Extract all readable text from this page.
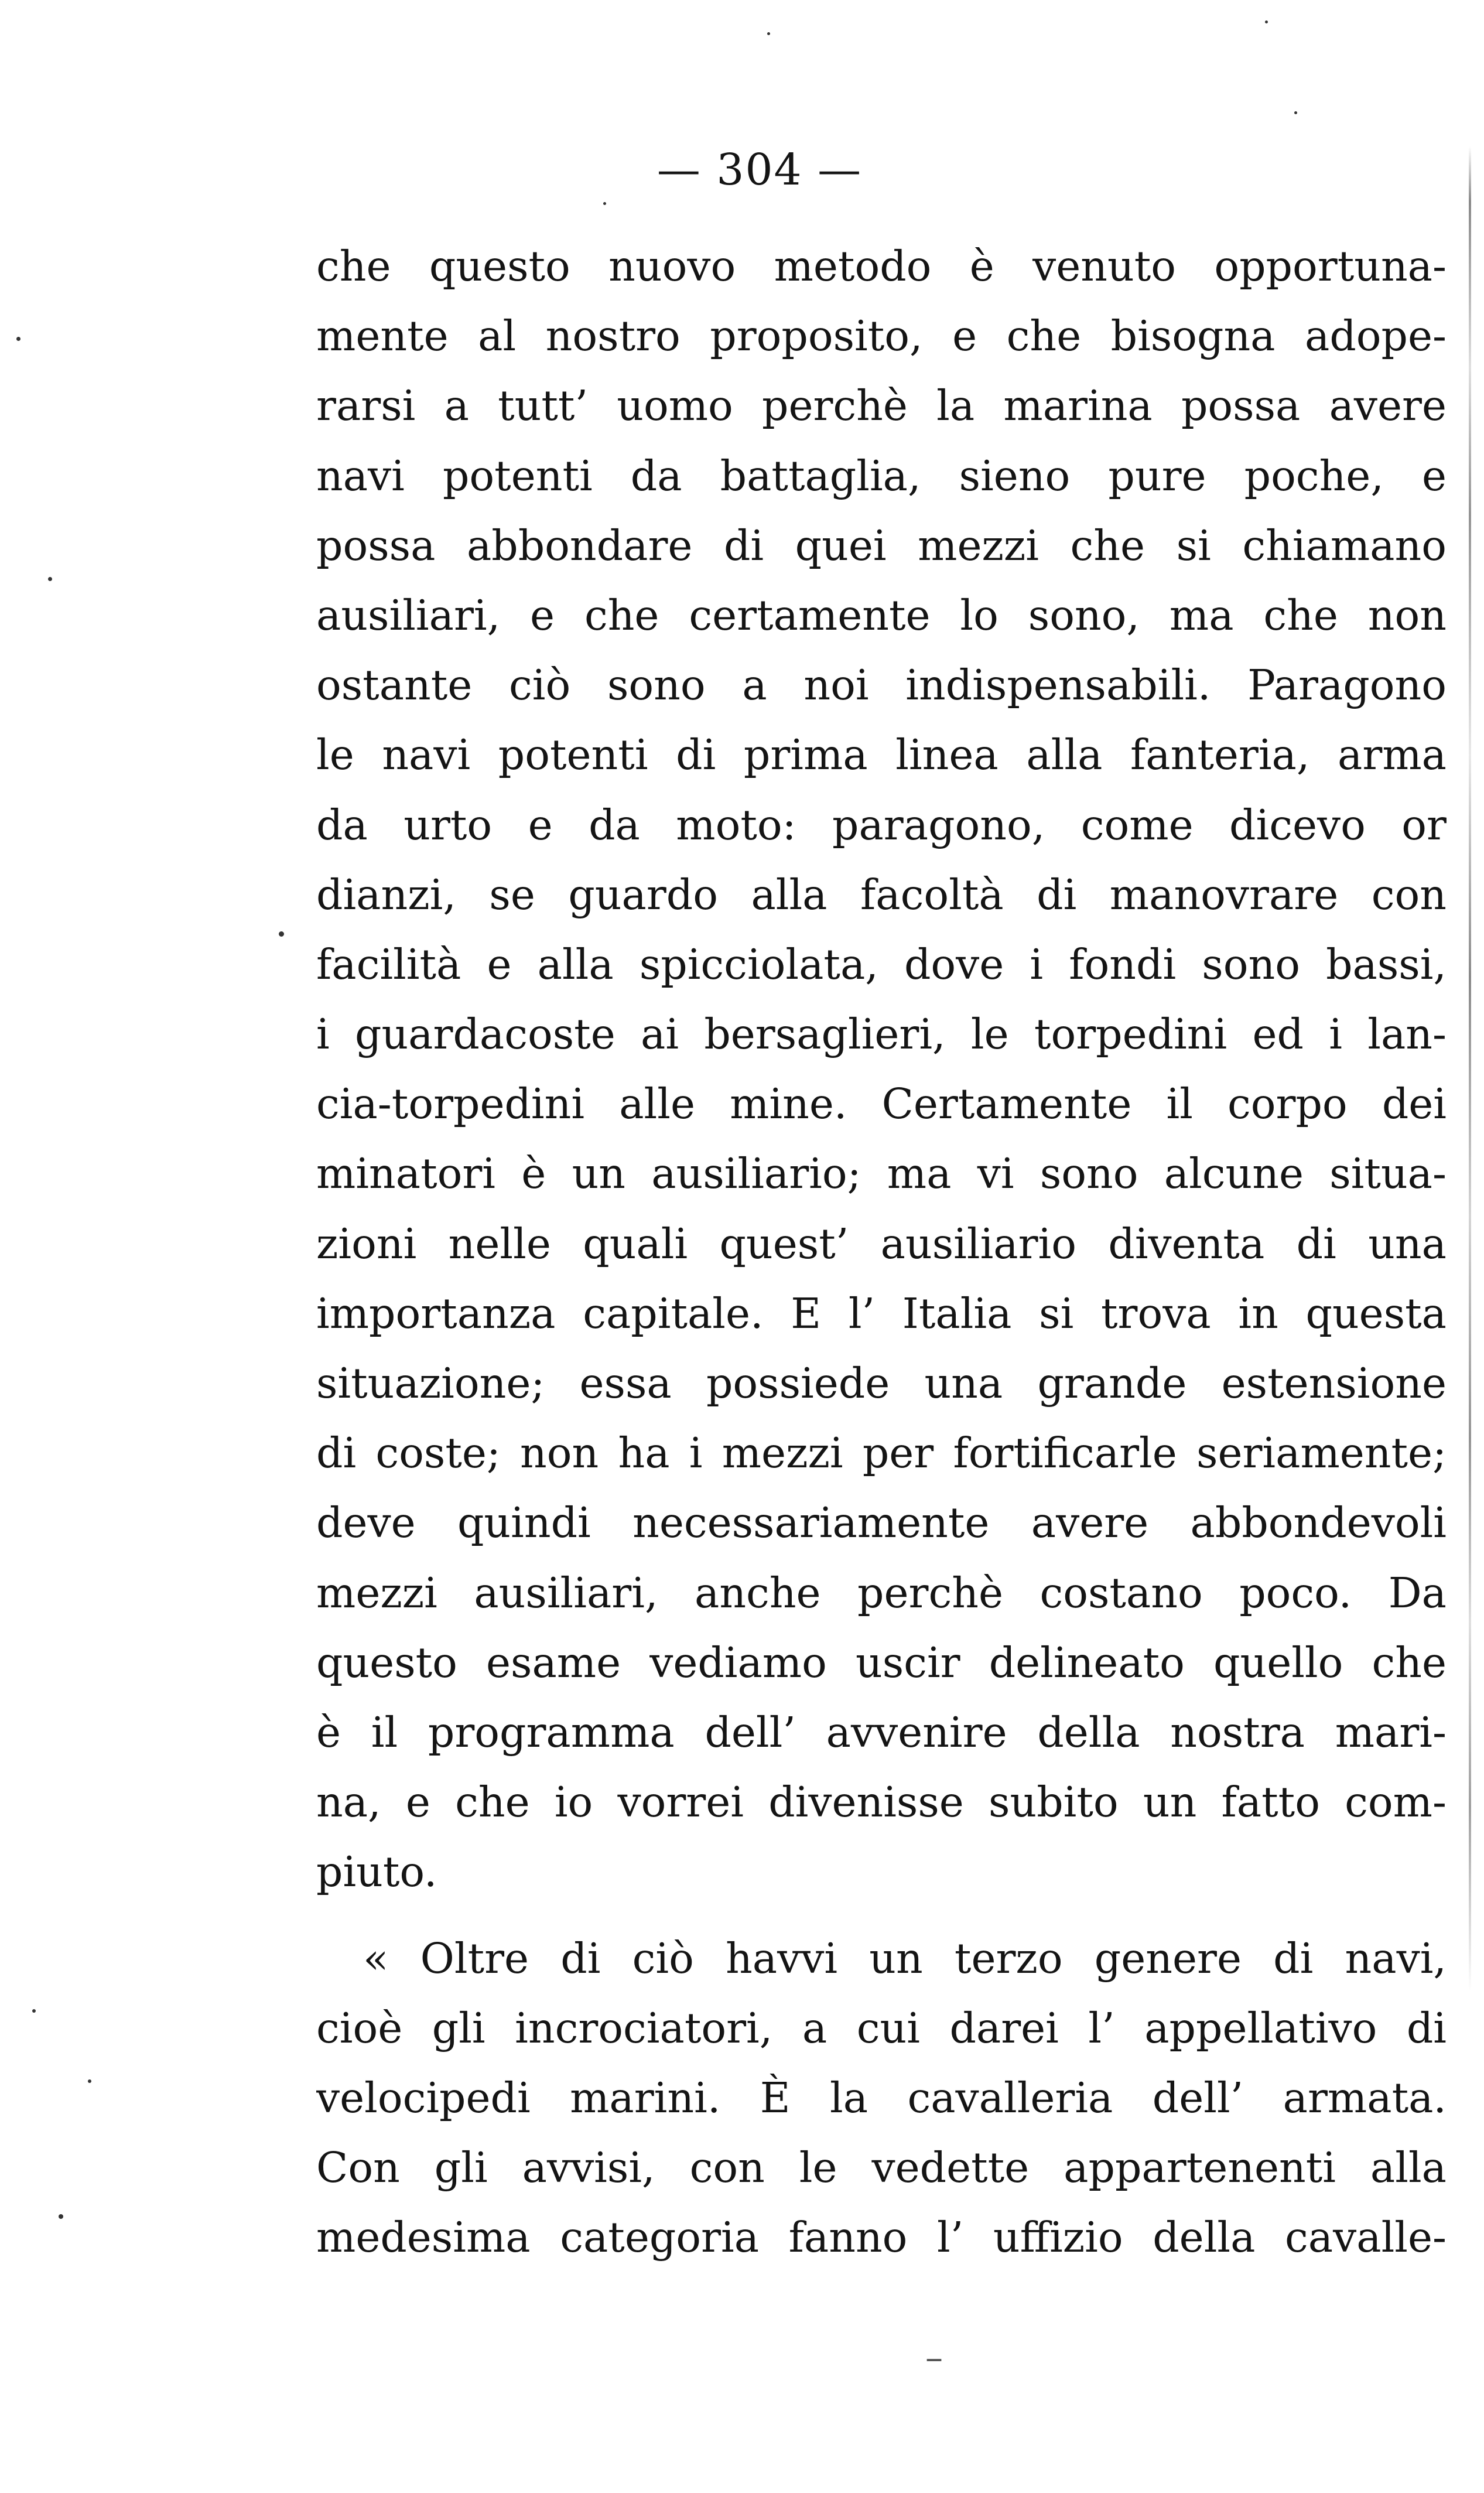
— 304 —
che questo nuovo metodo è venuto opportuna-
mente al nostro proposito, e che bisogna adope-
rarsi a tutt’ uomo perchè la marina possa avere
navi potenti da battaglia, sieno pure poche, e
possa abbondare di quei mezzi che si chiamano
ausiliari, e che certamente lo sono, ma che non
ostante ciò sono a noi indispensabili. Paragono
le navi potenti di prima linea alla fanteria, arma
da urto e da moto: paragono, come dicevo or
dianzi, se guardo alla facoltà di manovrare con
facilità e alla spicciolata, dove i fondi sono bassi,
i guardacoste ai bersaglieri, le torpedini ed i lan-
cia-torpedini alle mine. Certamente il corpo dei
minatori è un ausiliario; ma vi sono alcune situa-
zioni nelle quali quest’ ausiliario diventa di una
importanza capitale. E l’ Italia si trova in questa
situazione; essa possiede una grande estensione
di coste; non ha i mezzi per fortificarle seriamente;
deve quindi necessariamente avere abbondevoli
mezzi ausiliari, anche perchè costano poco. Da
questo esame vediamo uscir delineato quello che
è il programma dell’ avvenire della nostra mari-
na, e che io vorrei divenisse subito un fatto com-
piuto.
« Oltre di ciò havvi un terzo genere di navi,
cioè gli incrociatori, a cui darei l’ appellativo di
velocipedi marini. È la cavalleria dell’ armata.
Con gli avvisi, con le vedette appartenenti alla
medesima categoria fanno l’ uffizio della cavalle-
–
